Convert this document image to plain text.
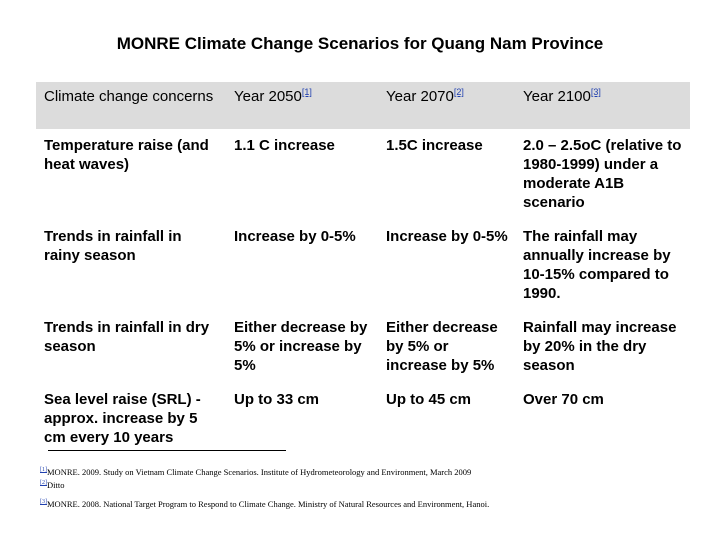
MONRE Climate Change Scenarios for Quang Nam Province
Climate change concerns	Year 2050[1]	Year 2070[2]	Year 2100[3]
Temperature raise (and heat waves)	1.1 C increase	1.5C increase	2.0 – 2.5oC (relative to 1980-1999) under a moderate A1B scenario
Trends in rainfall in rainy season	Increase by 0-5%	Increase by 0-5%	The rainfall may annually increase by 10-15% compared to 1990.
Trends in rainfall in dry season	Either decrease by 5% or increase by 5%	Either decrease by 5% or increase by 5%	Rainfall may increase by 20% in the dry season
Sea level raise (SRL) - approx. increase by 5 cm every 10 years	Up to 33 cm	Up to 45 cm	Over 70 cm
[1]MONRE. 2009. Study on Vietnam Climate Change Scenarios. Institute of Hydrometeorology and Environment, March 2009
[2]Ditto
[3]MONRE. 2008. National Target Program to Respond to Climate Change. Ministry of Natural Resources and Environment, Hanoi.
